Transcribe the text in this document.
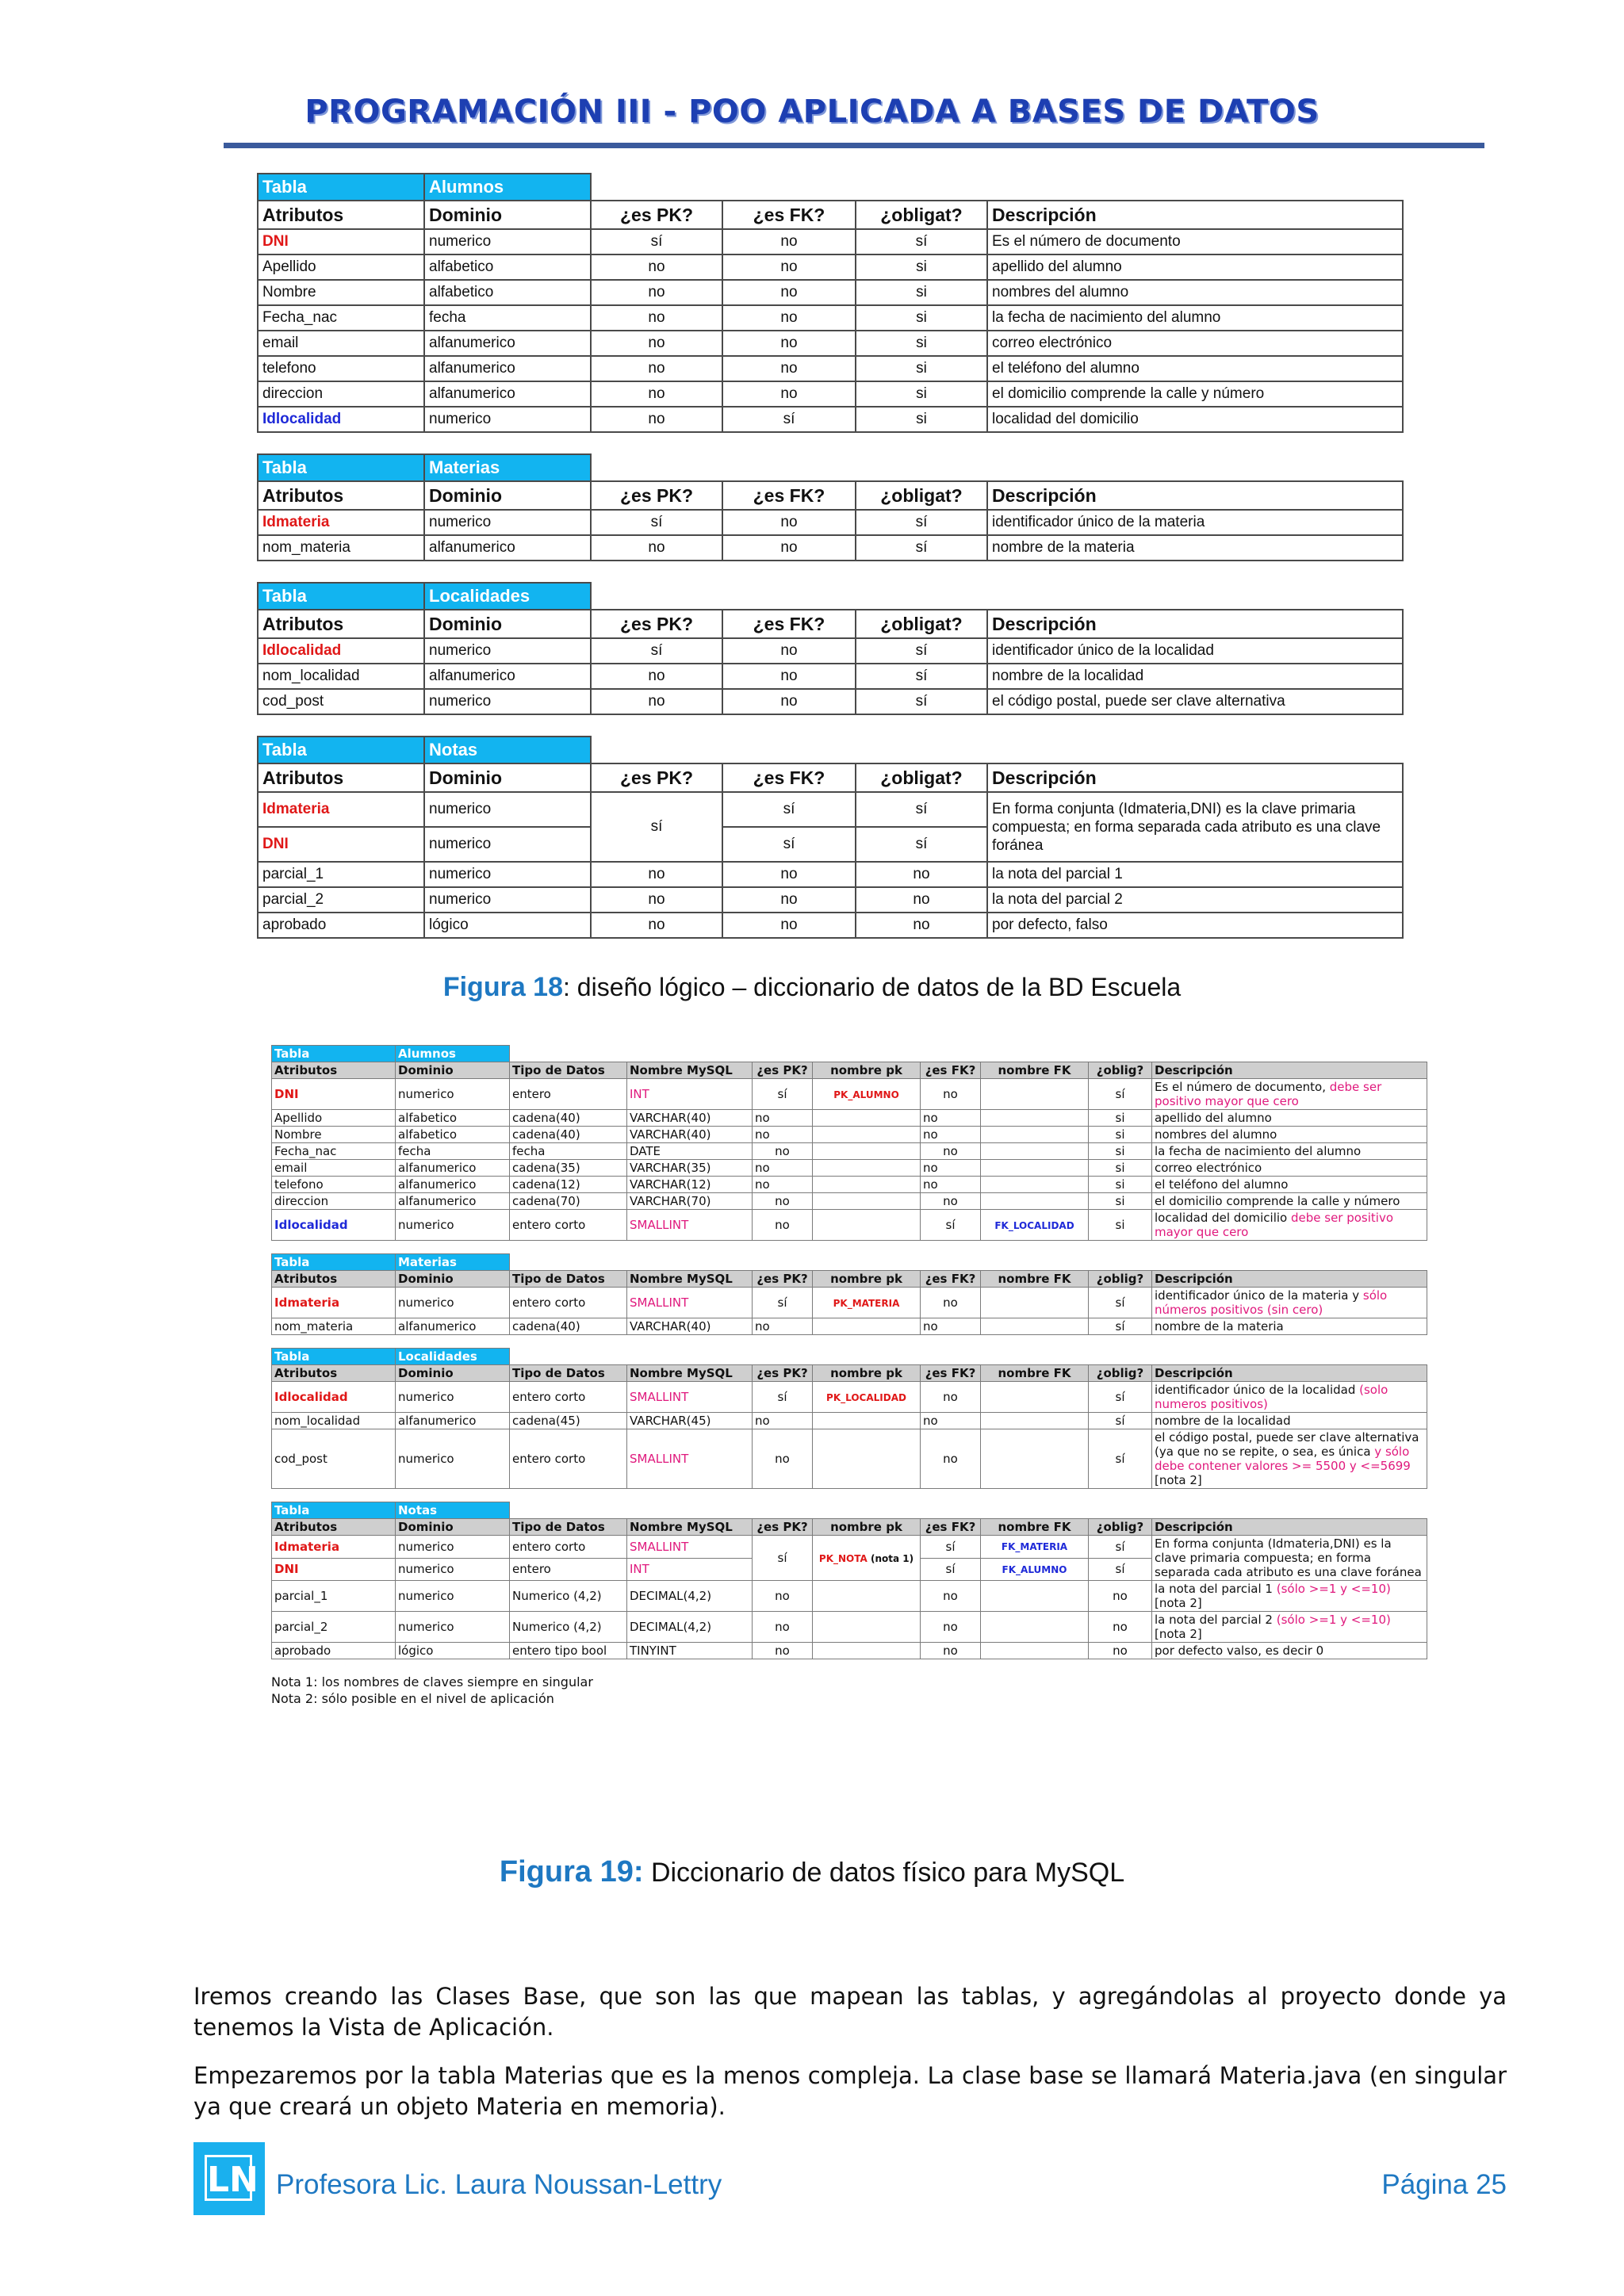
PROGRAMACIÓN III - POO APLICADA A BASES DE DATOS
Tabla	Alumnos				
Atributos	Dominio	¿es PK?	¿es FK?	¿obligat?	Descripción
DNI	numerico	sí	no	sí	Es el número de documento
Apellido	alfabetico	no	no	si	apellido del alumno
Nombre	alfabetico	no	no	si	nombres del alumno
Fecha_nac	fecha	no	no	si	la fecha de nacimiento del alumno
email	alfanumerico	no	no	si	correo electrónico
telefono	alfanumerico	no	no	si	el teléfono del alumno
direccion	alfanumerico	no	no	si	el domicilio comprende la calle y número
Idlocalidad	numerico	no	sí	si	localidad del domicilio
Tabla	Materias				
Atributos	Dominio	¿es PK?	¿es FK?	¿obligat?	Descripción
Idmateria	numerico	sí	no	sí	identificador único de la materia
nom_materia	alfanumerico	no	no	sí	nombre de la materia
Tabla	Localidades				
Atributos	Dominio	¿es PK?	¿es FK?	¿obligat?	Descripción
Idlocalidad	numerico	sí	no	sí	identificador único de la localidad
nom_localidad	alfanumerico	no	no	sí	nombre de la localidad
cod_post	numerico	no	no	sí	el código postal, puede ser clave alternativa
Tabla	Notas				
Atributos	Dominio	¿es PK?	¿es FK?	¿obligat?	Descripción
Idmateria	numerico	sí	sí	sí	En forma conjunta (Idmateria,DNI) es la clave primaria compuesta; en forma separada cada atributo es una clave foránea
DNI	numerico		sí	sí	
parcial_1	numerico	no	no	no	la nota del parcial 1
parcial_2	numerico	no	no	no	la nota del parcial 2
aprobado	lógico	no	no	no	por defecto, falso
Figura 18: diseño lógico – diccionario de datos de la BD Escuela
Tabla	Alumnos								
Atributos	Dominio	Tipo de Datos	Nombre MySQL	¿es PK?	nombre pk	¿es FK?	nombre FK	¿oblig?	Descripción
DNI	numerico	entero	INT	sí	PK_ALUMNO	no		sí	Es el número de documento, debe ser positivo mayor que cero
Apellido	alfabetico	cadena(40)	VARCHAR(40)	no		no		si	apellido del alumno
Nombre	alfabetico	cadena(40)	VARCHAR(40)	no		no		si	nombres del alumno
Fecha_nac	fecha	fecha	DATE	no		no		si	la fecha de nacimiento del alumno
email	alfanumerico	cadena(35)	VARCHAR(35)	no		no		si	correo electrónico
telefono	alfanumerico	cadena(12)	VARCHAR(12)	no		no		si	el teléfono del alumno
direccion	alfanumerico	cadena(70)	VARCHAR(70)	no		no		si	el domicilio comprende la calle y número
Idlocalidad	numerico	entero corto	SMALLINT	no		sí	FK_LOCALIDAD	si	localidad del domicilio debe ser positivo mayor que cero
Tabla	Materias								
Atributos	Dominio	Tipo de Datos	Nombre MySQL	¿es PK?	nombre pk	¿es FK?	nombre FK	¿oblig?	Descripción
Idmateria	numerico	entero corto	SMALLINT	sí	PK_MATERIA	no		sí	identificador único de la materia y sólo números positivos (sin cero)
nom_materia	alfanumerico	cadena(40)	VARCHAR(40)	no		no		sí	nombre de la materia
Tabla	Localidades								
Atributos	Dominio	Tipo de Datos	Nombre MySQL	¿es PK?	nombre pk	¿es FK?	nombre FK	¿oblig?	Descripción
Idlocalidad	numerico	entero corto	SMALLINT	sí	PK_LOCALIDAD	no		sí	identificador único de la localidad (solo numeros positivos)
nom_localidad	alfanumerico	cadena(45)	VARCHAR(45)	no		no		sí	nombre de la localidad
cod_post	numerico	entero corto	SMALLINT	no		no		sí	el código postal, puede ser clave alternativa (ya que no se repite, o sea, es única y sólo debe contener valores >= 5500 y <=5699 [nota 2]
Tabla	Notas								
Atributos	Dominio	Tipo de Datos	Nombre MySQL	¿es PK?	nombre pk	¿es FK?	nombre FK	¿oblig?	Descripción
Idmateria	numerico	entero corto	SMALLINT	sí	PK_NOTA (nota 1)	sí	FK_MATERIA	sí	En forma conjunta (Idmateria,DNI) es la clave primaria compuesta; en forma separada cada atributo es una clave foránea
DNI	numerico	entero	INT			sí	FK_ALUMNO	sí	
parcial_1	numerico	Numerico (4,2)	DECIMAL(4,2)	no		no		no	la nota del parcial 1 (sólo >=1 y <=10)
[nota 2]
parcial_2	numerico	Numerico (4,2)	DECIMAL(4,2)	no		no		no	la nota del parcial 2 (sólo >=1 y <=10)
[nota 2]
aprobado	lógico	entero tipo bool	TINYINT	no		no		no	por defecto valso, es decir 0
Nota 1: los nombres de claves siempre en singular
Nota 2: sólo posible en el nivel de aplicación
Figura 19: Diccionario de datos físico para MySQL

Iremos creando las Clases Base, que son las que mapean las tablas, y agregándolas al proyecto donde ya tenemos la Vista de Aplicación.

Empezaremos por la tabla Materias que es la menos compleja. La clase base se llamará Materia.java (en singular ya que creará un objeto Materia en memoria).

LN Profesora Lic. Laura Noussan-Lettry	Página 25
